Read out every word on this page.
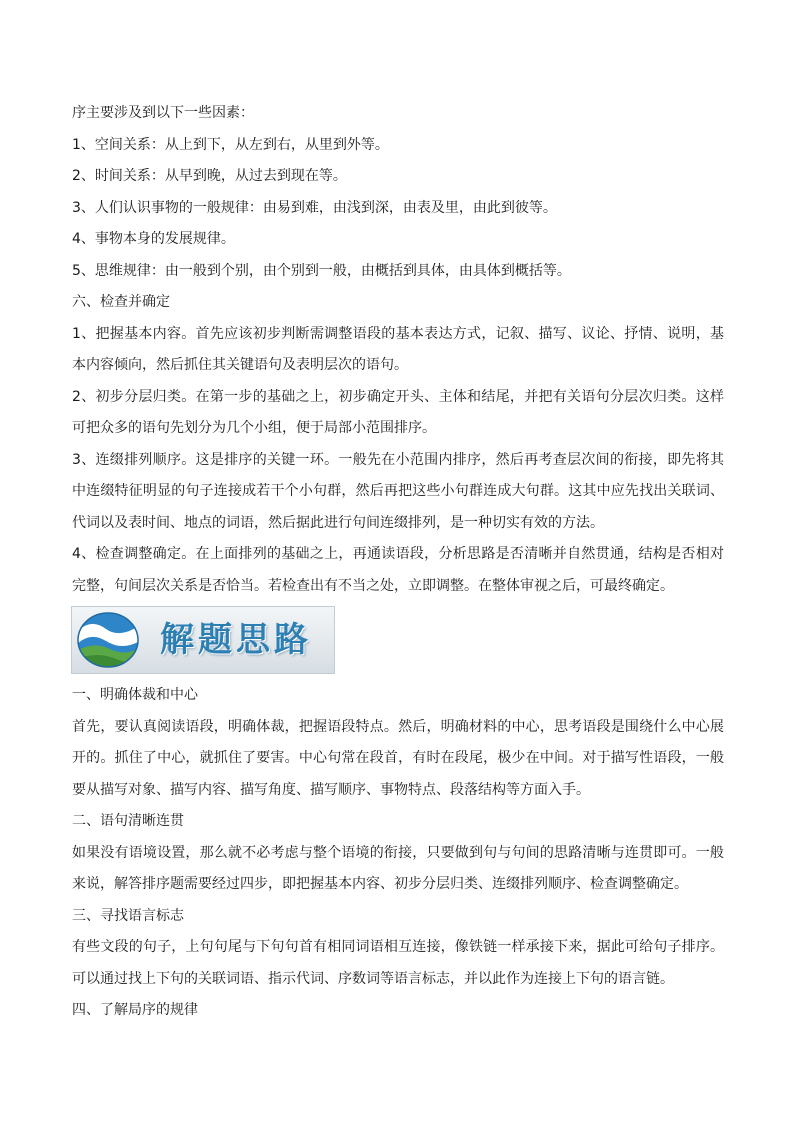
序主要涉及到以下一些因素：

1、空间关系：从上到下，从左到右，从里到外等。

2、时间关系：从早到晚，从过去到现在等。

3、人们认识事物的一般规律：由易到难，由浅到深，由表及里，由此到彼等。

4、事物本身的发展规律。

5、思维规律：由一般到个别，由个别到一般，由概括到具体，由具体到概括等。

六、检查并确定

1、把握基本内容。首先应该初步判断需调整语段的基本表达方式，记叙、描写、议论、抒情、说明，基本内容倾向，然后抓住其关键语句及表明层次的语句。

2、初步分层归类。在第一步的基础之上，初步确定开头、主体和结尾，并把有关语句分层次归类。这样可把众多的语句先划分为几个小组，便于局部小范围排序。

3、连缀排列顺序。这是排序的关键一环。一般先在小范围内排序，然后再考查层次间的衔接，即先将其中连缀特征明显的句子连接成若干个小句群，然后再把这些小句群连成大句群。这其中应先找出关联词、代词以及表时间、地点的词语，然后据此进行句间连缀排列，是一种切实有效的方法。

4、检查调整确定。在上面排列的基础之上，再通读语段，分析思路是否清晰并自然贯通，结构是否相对完整，句间层次关系是否恰当。若检查出有不当之处，立即调整。在整体审视之后，可最终确定。

解题思路

一、明确体裁和中心

首先，要认真阅读语段，明确体裁，把握语段特点。然后，明确材料的中心，思考语段是围绕什么中心展开的。抓住了中心，就抓住了要害。中心句常在段首，有时在段尾，极少在中间。对于描写性语段，一般要从描写对象、描写内容、描写角度、描写顺序、事物特点、段落结构等方面入手。

二、语句清晰连贯

如果没有语境设置，那么就不必考虑与整个语境的衔接，只要做到句与句间的思路清晰与连贯即可。一般来说，解答排序题需要经过四步，即把握基本内容、初步分层归类、连缀排列顺序、检查调整确定。

三、寻找语言标志

有些文段的句子，上句句尾与下句句首有相同词语相互连接，像铁链一样承接下来，据此可给句子排序。可以通过找上下句的关联词语、指示代词、序数词等语言标志，并以此作为连接上下句的语言链。

四、了解局序的规律
